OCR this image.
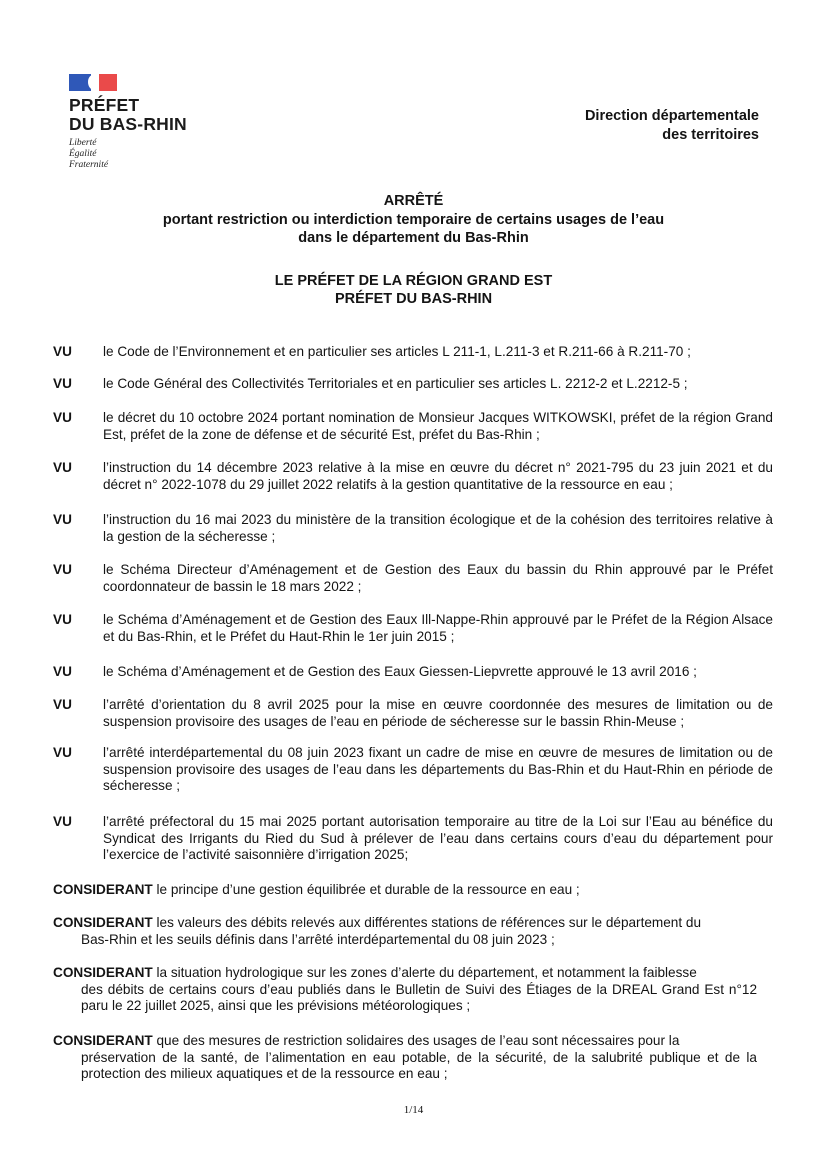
PRÉFET
DU BAS-RHIN
Liberté
Égalité
Fraternité
Direction départementale
des territoires
ARRÊTÉ
portant restriction ou interdiction temporaire de certains usages de l’eau
dans le département du Bas-Rhin
LE PRÉFET DE LA RÉGION GRAND EST
PRÉFET DU BAS-RHIN
VU le Code de l’Environnement et en particulier ses articles L 211-1, L.211-3 et R.211-66 à R.211-70 ;
VU le Code Général des Collectivités Territoriales et en particulier ses articles L. 2212-2 et L.2212-5 ;
VU le décret du 10 octobre 2024 portant nomination de Monsieur Jacques WITKOWSKI, préfet de la région Grand Est, préfet de la zone de défense et de sécurité Est, préfet du Bas-Rhin ;
VU l’instruction du 14 décembre 2023 relative à la mise en œuvre du décret n° 2021-795 du 23 juin 2021 et du décret n° 2022-1078 du 29 juillet 2022 relatifs à la gestion quantitative de la ressource en eau ;
VU l’instruction du 16 mai 2023 du ministère de la transition écologique et de la cohésion des territoires relative à la gestion de la sécheresse ;
VU le Schéma Directeur d’Aménagement et de Gestion des Eaux du bassin du Rhin approuvé par le Préfet coordonnateur de bassin le 18 mars 2022 ;
VU le Schéma d’Aménagement et de Gestion des Eaux Ill-Nappe-Rhin approuvé par le Préfet de la Région Alsace et du Bas-Rhin, et le Préfet du Haut-Rhin le 1er juin 2015 ;
VU le Schéma d’Aménagement et de Gestion des Eaux Giessen-Liepvrette approuvé le 13 avril 2016 ;
VU l’arrêté d’orientation du 8 avril 2025 pour la mise en œuvre coordonnée des mesures de limitation ou de suspension provisoire des usages de l’eau en période de sécheresse sur le bassin Rhin-Meuse ;
VU l’arrêté interdépartemental du 08 juin 2023 fixant un cadre de mise en œuvre de mesures de limitation ou de suspension provisoire des usages de l’eau dans les départements du Bas-Rhin et du Haut-Rhin en période de sécheresse ;
VU l’arrêté préfectoral du 15 mai 2025 portant autorisation temporaire au titre de la Loi sur l’Eau au bénéfice du Syndicat des Irrigants du Ried du Sud à prélever de l’eau dans certains cours d’eau du département pour l’exercice de l’activité saisonnière d’irrigation 2025;
CONSIDERANT le principe d’une gestion équilibrée et durable de la ressource en eau ;
CONSIDERANT les valeurs des débits relevés aux différentes stations de références sur le département du
Bas-Rhin et les seuils définis dans l’arrêté interdépartemental du 08 juin 2023 ;
CONSIDERANT la situation hydrologique sur les zones d’alerte du département, et notamment la faiblesse
des débits de certains cours d’eau publiés dans le Bulletin de Suivi des Étiages de la DREAL Grand Est n°12 paru le 22 juillet 2025, ainsi que les prévisions météorologiques ;
CONSIDERANT que des mesures de restriction solidaires des usages de l’eau sont nécessaires pour la
préservation de la santé, de l’alimentation en eau potable, de la sécurité, de la salubrité publique et de la protection des milieux aquatiques et de la ressource en eau ;
1/14
